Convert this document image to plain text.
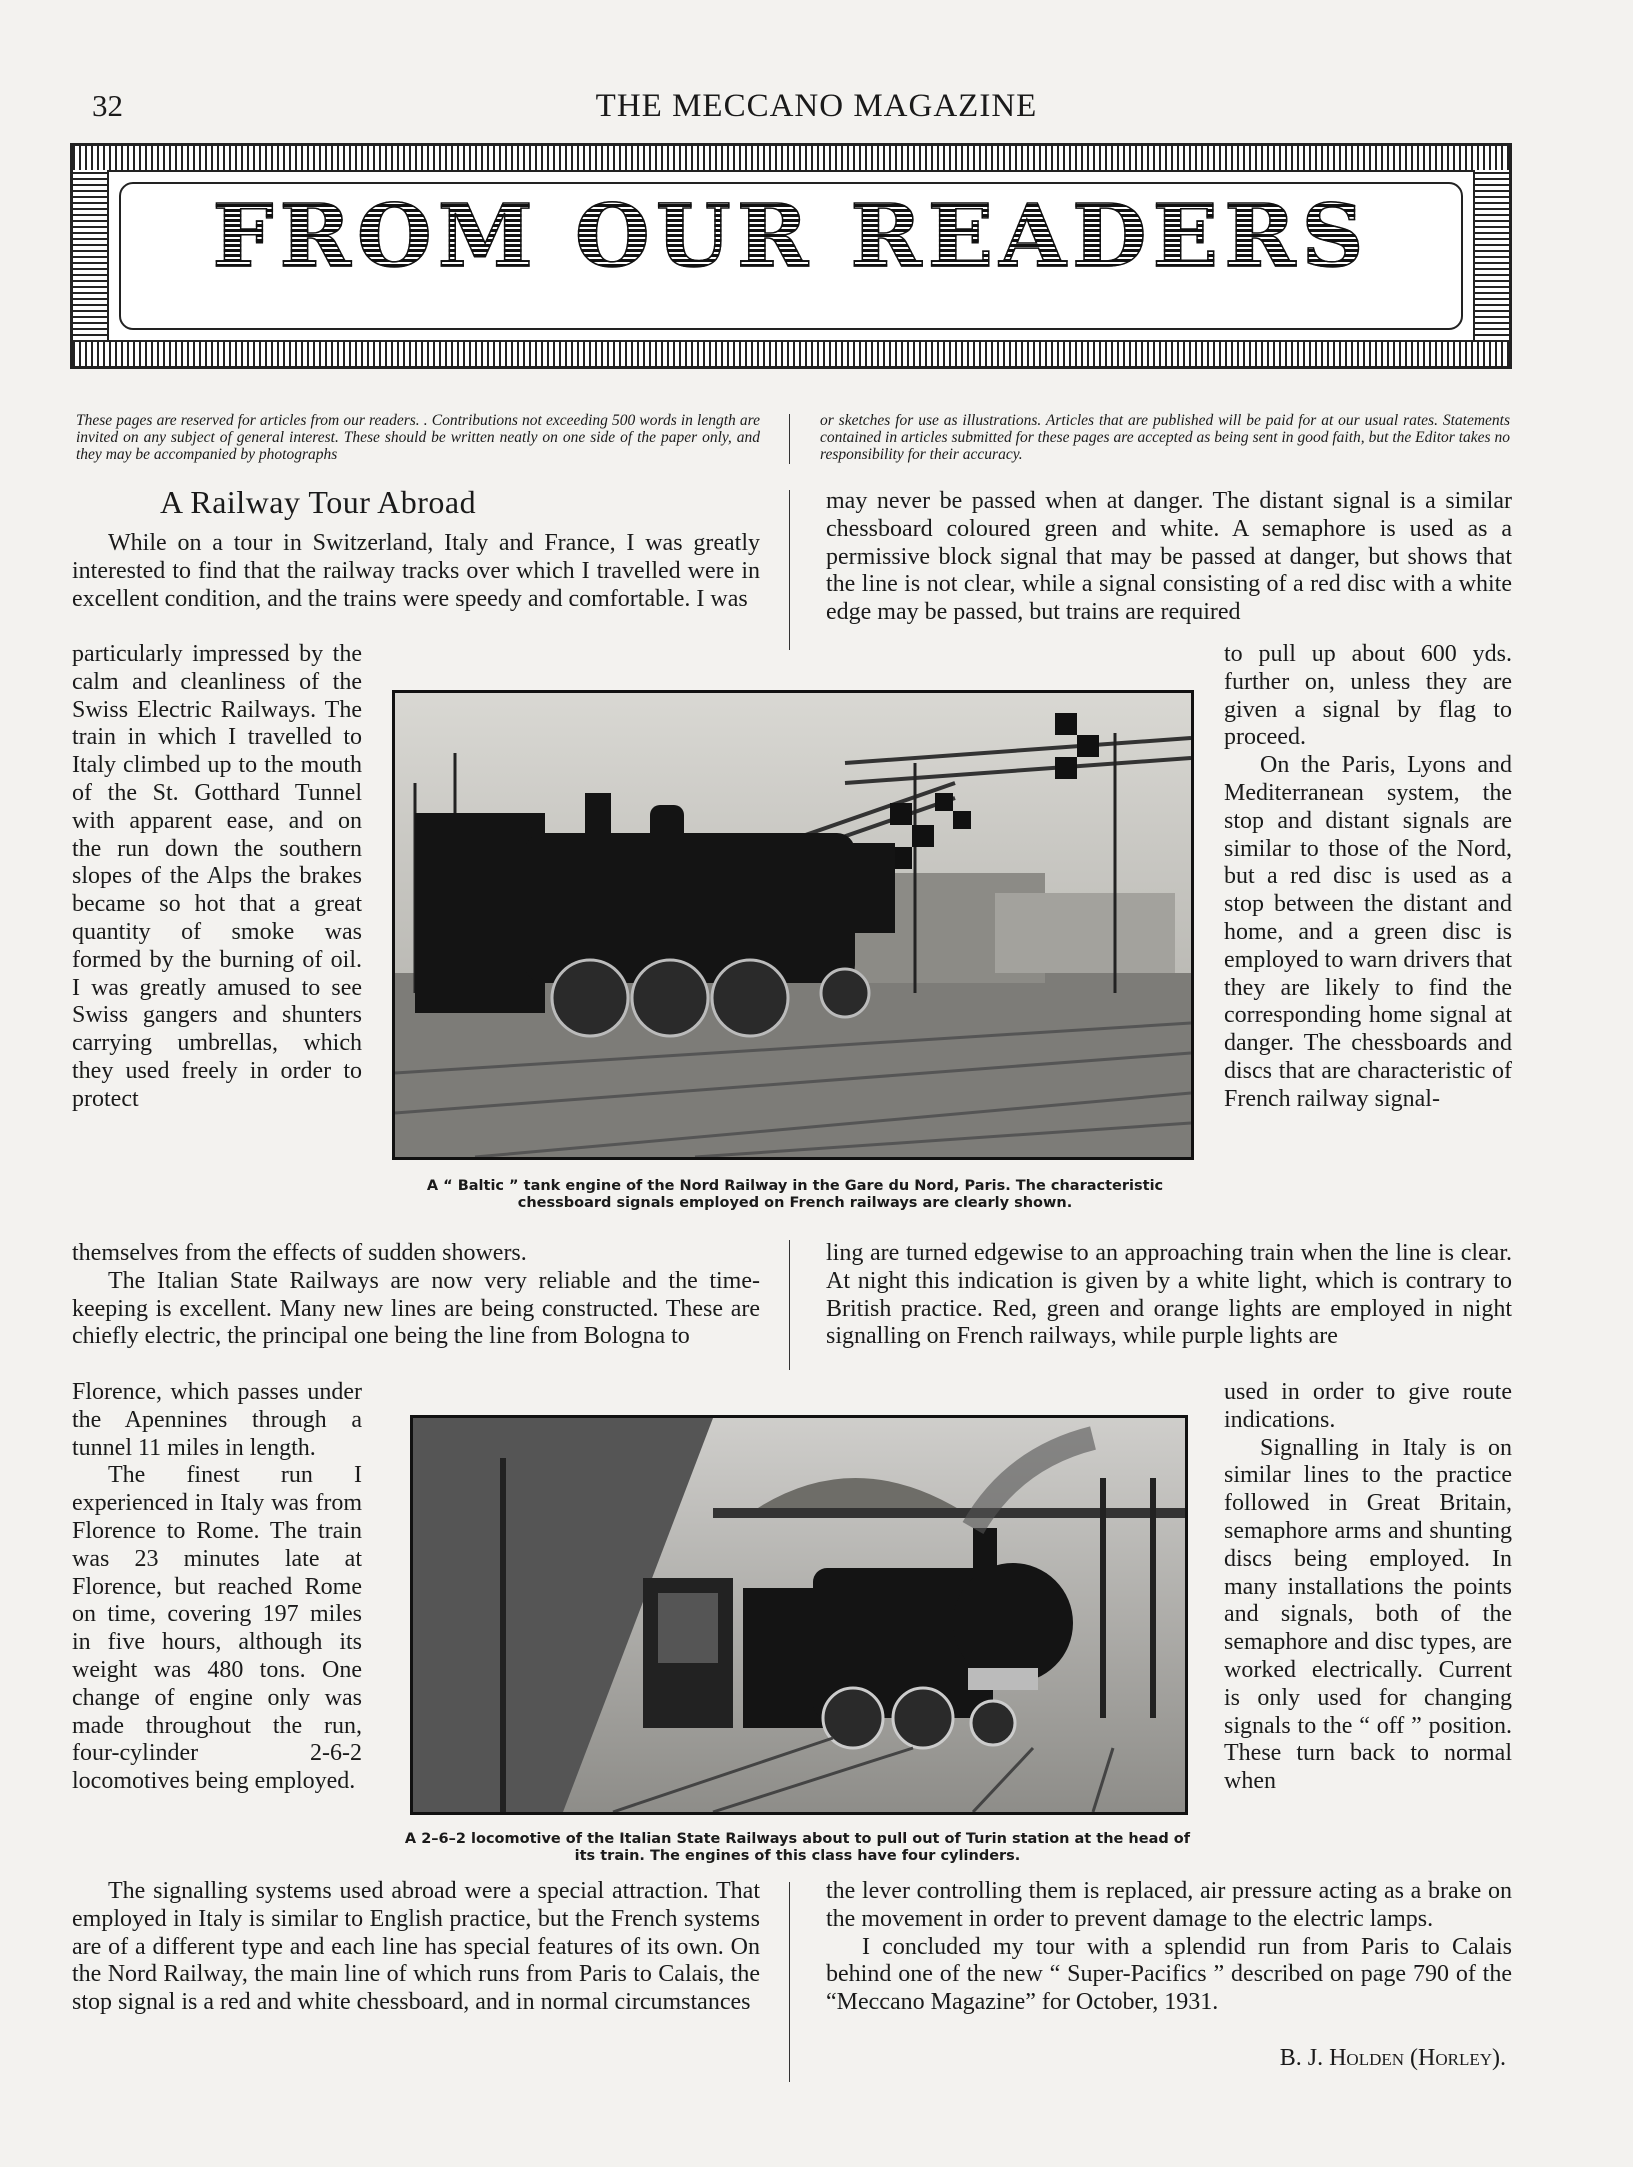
32	THE MECCANO MAGAZINE
FROM OUR READERS
These pages are reserved for articles from our readers. . Contributions not exceeding 500 words in length are invited on any subject of general interest. These should be written neatly on one side of the paper only, and they may be accompanied by photographs
or sketches for use as illustrations. Articles that are published will be paid for at our usual rates. Statements contained in articles submitted for these pages are accepted as being sent in good faith, but the Editor takes no responsibility for their accuracy.
A Railway Tour Abroad

While on a tour in Switzerland, Italy and France, I was greatly interested to find that the railway tracks over which I travelled were in excellent condition, and the trains were speedy and comfortable. I was

particularly impressed by the calm and cleanliness of the Swiss Electric Railways. The train in which I travelled to Italy climbed up to the mouth of the St. Gotthard Tunnel with apparent ease, and on the run down the southern slopes of the Alps the brakes became so hot that a great quantity of smoke was formed by the burning of oil. I was greatly amused to see Swiss gangers and shunters carrying umbrellas, which they used freely in order to protect

themselves from the effects of sudden showers.

The Italian State Railways are now very reliable and the time-keeping is excellent. Many new lines are being constructed. These are chiefly electric, the principal one being the line from Bologna to

Florence, which passes under the Apennines through a tunnel 11 miles in length.

The finest run I experienced in Italy was from Florence to Rome. The train was 23 minutes late at Florence, but reached Rome on time, covering 197 miles in five hours, although its weight was 480 tons. One change of engine only was made throughout the run, four-cylinder 2-6-2 locomotives being employed.

The signalling systems used abroad were a special attraction. That employed in Italy is similar to English practice, but the French systems are of a different type and each line has special features of its own. On the Nord Railway, the main line of which runs from Paris to Calais, the stop signal is a red and white chessboard, and in normal circumstances

may never be passed when at danger. The distant signal is a similar chessboard coloured green and white. A semaphore is used as a permissive block signal that may be passed at danger, but shows that the line is not clear, while a signal consisting of a red disc with a white edge may be passed, but trains are required

to pull up about 600 yds. further on, unless they are given a signal by flag to proceed.

On the Paris, Lyons and Mediterranean system, the stop and distant signals are similar to those of the Nord, but a red disc is used as a stop between the distant and home, and a green disc is employed to warn drivers that they are likely to find the corresponding home signal at danger. The chessboards and discs that are characteristic of French railway signal-

ling are turned edgewise to an approaching train when the line is clear. At night this indication is given by a white light, which is contrary to British practice. Red, green and orange lights are employed in night signalling on French railways, while purple lights are

used in order to give route indications.

Signalling in Italy is on similar lines to the practice followed in Great Britain, semaphore arms and shunting discs being employed. In many installations the points and signals, both of the semaphore and disc types, are worked electrically. Current is only used for changing signals to the “ off ” position. These turn back to normal when

the lever controlling them is replaced, air pressure acting as a brake on the movement in order to prevent damage to the electric lamps.

I concluded my tour with a splendid run from Paris to Calais behind one of the new “ Super-Pacifics ” described on page 790 of the “Meccano Magazine” for October, 1931.

B. J. Holden (Horley).
A “ Baltic ” tank engine of the Nord Railway in the Gare du Nord, Paris. The characteristic chessboard signals employed on French railways are clearly shown.
A 2–6–2 locomotive of the Italian State Railways about to pull out of Turin station at the head of its train. The engines of this class have four cylinders.
